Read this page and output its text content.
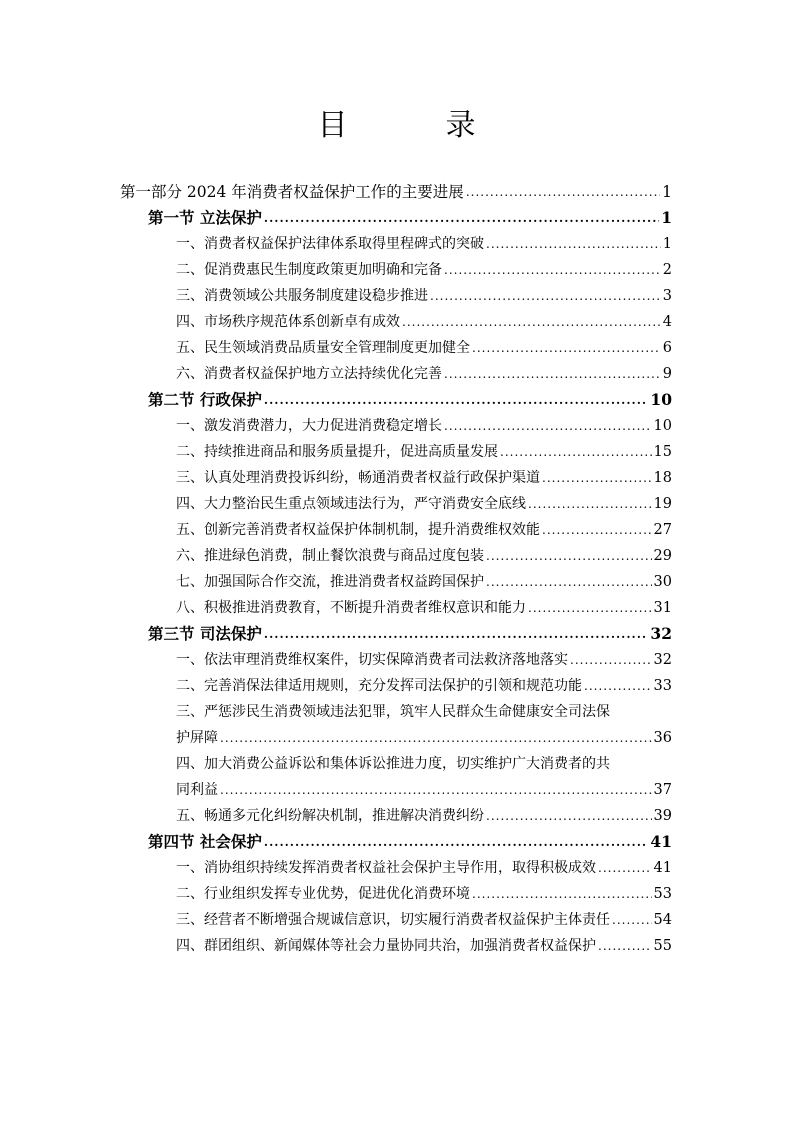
目　录
第一部分 2024 年消费者权益保护工作的主要进展 .....	1
第一节 立法保护 .....	1
一、消费者权益保护法律体系取得里程碑式的突破 .....	1
二、促消费惠民生制度政策更加明确和完备 .....	2
三、消费领域公共服务制度建设稳步推进 .....	3
四、市场秩序规范体系创新卓有成效 .....	4
五、民生领域消费品质量安全管理制度更加健全 .....	6
六、消费者权益保护地方立法持续优化完善 .....	9
第二节 行政保护 .....	10
一、激发消费潜力，大力促进消费稳定增长 .....	10
二、持续推进商品和服务质量提升，促进高质量发展 .....	15
三、认真处理消费投诉纠纷，畅通消费者权益行政保护渠道 .....	18
四、大力整治民生重点领域违法行为，严守消费安全底线 .....	19
五、创新完善消费者权益保护体制机制，提升消费维权效能 .....	27
六、推进绿色消费，制止餐饮浪费与商品过度包装 .....	29
七、加强国际合作交流，推进消费者权益跨国保护 .....	30
八、积极推进消费教育，不断提升消费者维权意识和能力 .....	31
第三节 司法保护 .....	32
一、依法审理消费维权案件，切实保障消费者司法救济落地落实 .....	32
二、完善消保法律适用规则，充分发挥司法保护的引领和规范功能 .....	33
三、严惩涉民生消费领域违法犯罪，筑牢人民群众生命健康安全司法保
护屏障 .....	36
四、加大消费公益诉讼和集体诉讼推进力度，切实维护广大消费者的共
同利益 .....	37
五、畅通多元化纠纷解决机制，推进解决消费纠纷 .....	39
第四节 社会保护 .....	41
一、消协组织持续发挥消费者权益社会保护主导作用，取得积极成效 .....	41
二、行业组织发挥专业优势，促进优化消费环境 .....	53
三、经营者不断增强合规诚信意识，切实履行消费者权益保护主体责任 .....	54
四、群团组织、新闻媒体等社会力量协同共治，加强消费者权益保护 .....	55
